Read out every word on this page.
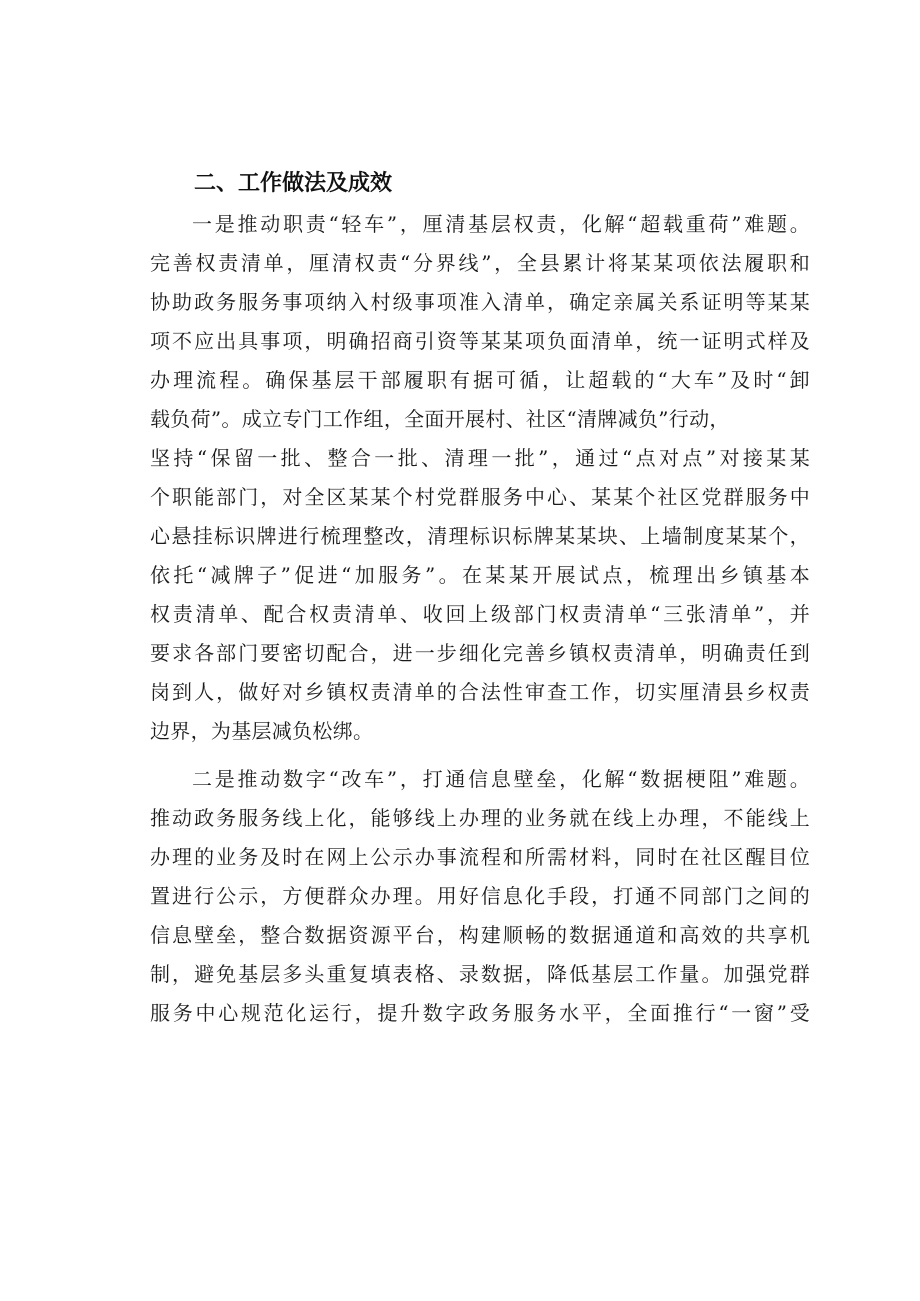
二、工作做法及成效
一是推动职责“轻车”，厘清基层权责，化解“超载重荷”难题。
完善权责清单，厘清权责“分界线”，全县累计将某某项依法履职和
协助政务服务事项纳入村级事项准入清单，确定亲属关系证明等某某
项不应出具事项，明确招商引资等某某项负面清单，统一证明式样及
办理流程。确保基层干部履职有据可循，让超载的“大车”及时“卸
载负荷”。成立专门工作组，全面开展村、社区“清牌减负”行动，
坚持“保留一批、整合一批、清理一批”，通过“点对点”对接某某
个职能部门，对全区某某个村党群服务中心、某某个社区党群服务中
心悬挂标识牌进行梳理整改，清理标识标牌某某块、上墙制度某某个，
依托“减牌子”促进“加服务”。在某某开展试点，梳理出乡镇基本
权责清单、配合权责清单、收回上级部门权责清单“三张清单”，并
要求各部门要密切配合，进一步细化完善乡镇权责清单，明确责任到
岗到人，做好对乡镇权责清单的合法性审查工作，切实厘清县乡权责
边界，为基层减负松绑。
二是推动数字“改车”，打通信息壁垒，化解“数据梗阻”难题。
推动政务服务线上化，能够线上办理的业务就在线上办理，不能线上
办理的业务及时在网上公示办事流程和所需材料，同时在社区醒目位
置进行公示，方便群众办理。用好信息化手段，打通不同部门之间的
信息壁垒，整合数据资源平台，构建顺畅的数据通道和高效的共享机
制，避免基层多头重复填表格、录数据，降低基层工作量。加强党群
服务中心规范化运行，提升数字政务服务水平，全面推行“一窗”受
